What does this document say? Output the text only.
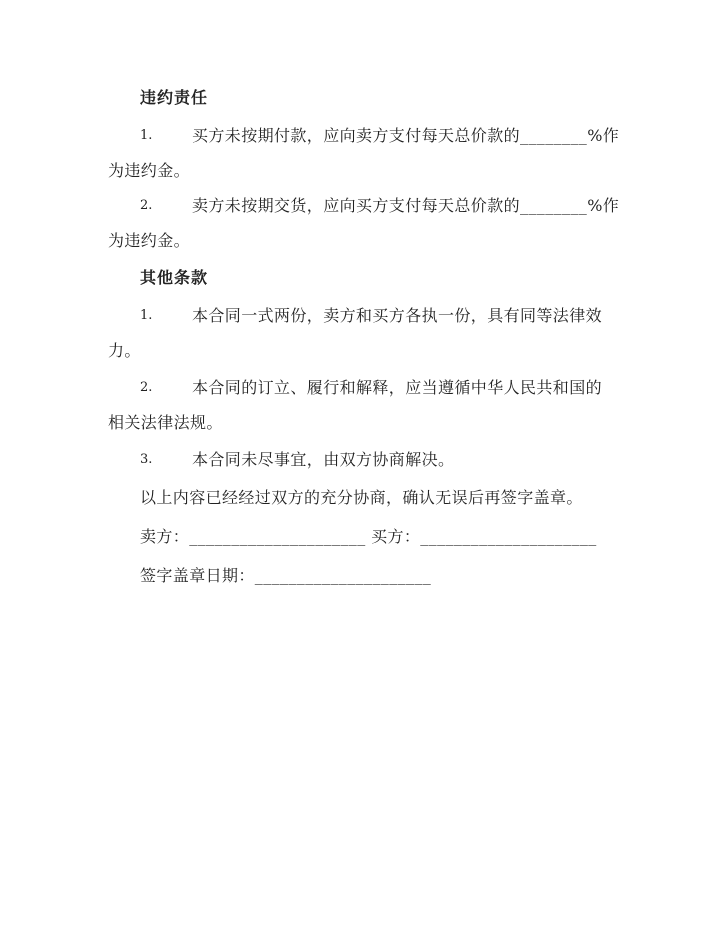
违约责任
1.	买方未按期付款，应向卖方支付每天总价款的________%作
为违约金。
2.	卖方未按期交货，应向买方支付每天总价款的________%作
为违约金。
其他条款
1.	本合同一式两份，卖方和买方各执一份，具有同等法律效
力。
2.	本合同的订立、履行和解释，应当遵循中华人民共和国的
相关法律法规。
3.	本合同未尽事宜，由双方协商解决。
以上内容已经经过双方的充分协商，确认无误后再签字盖章。
卖方：_____________________ 买方：_____________________
签字盖章日期：_____________________
